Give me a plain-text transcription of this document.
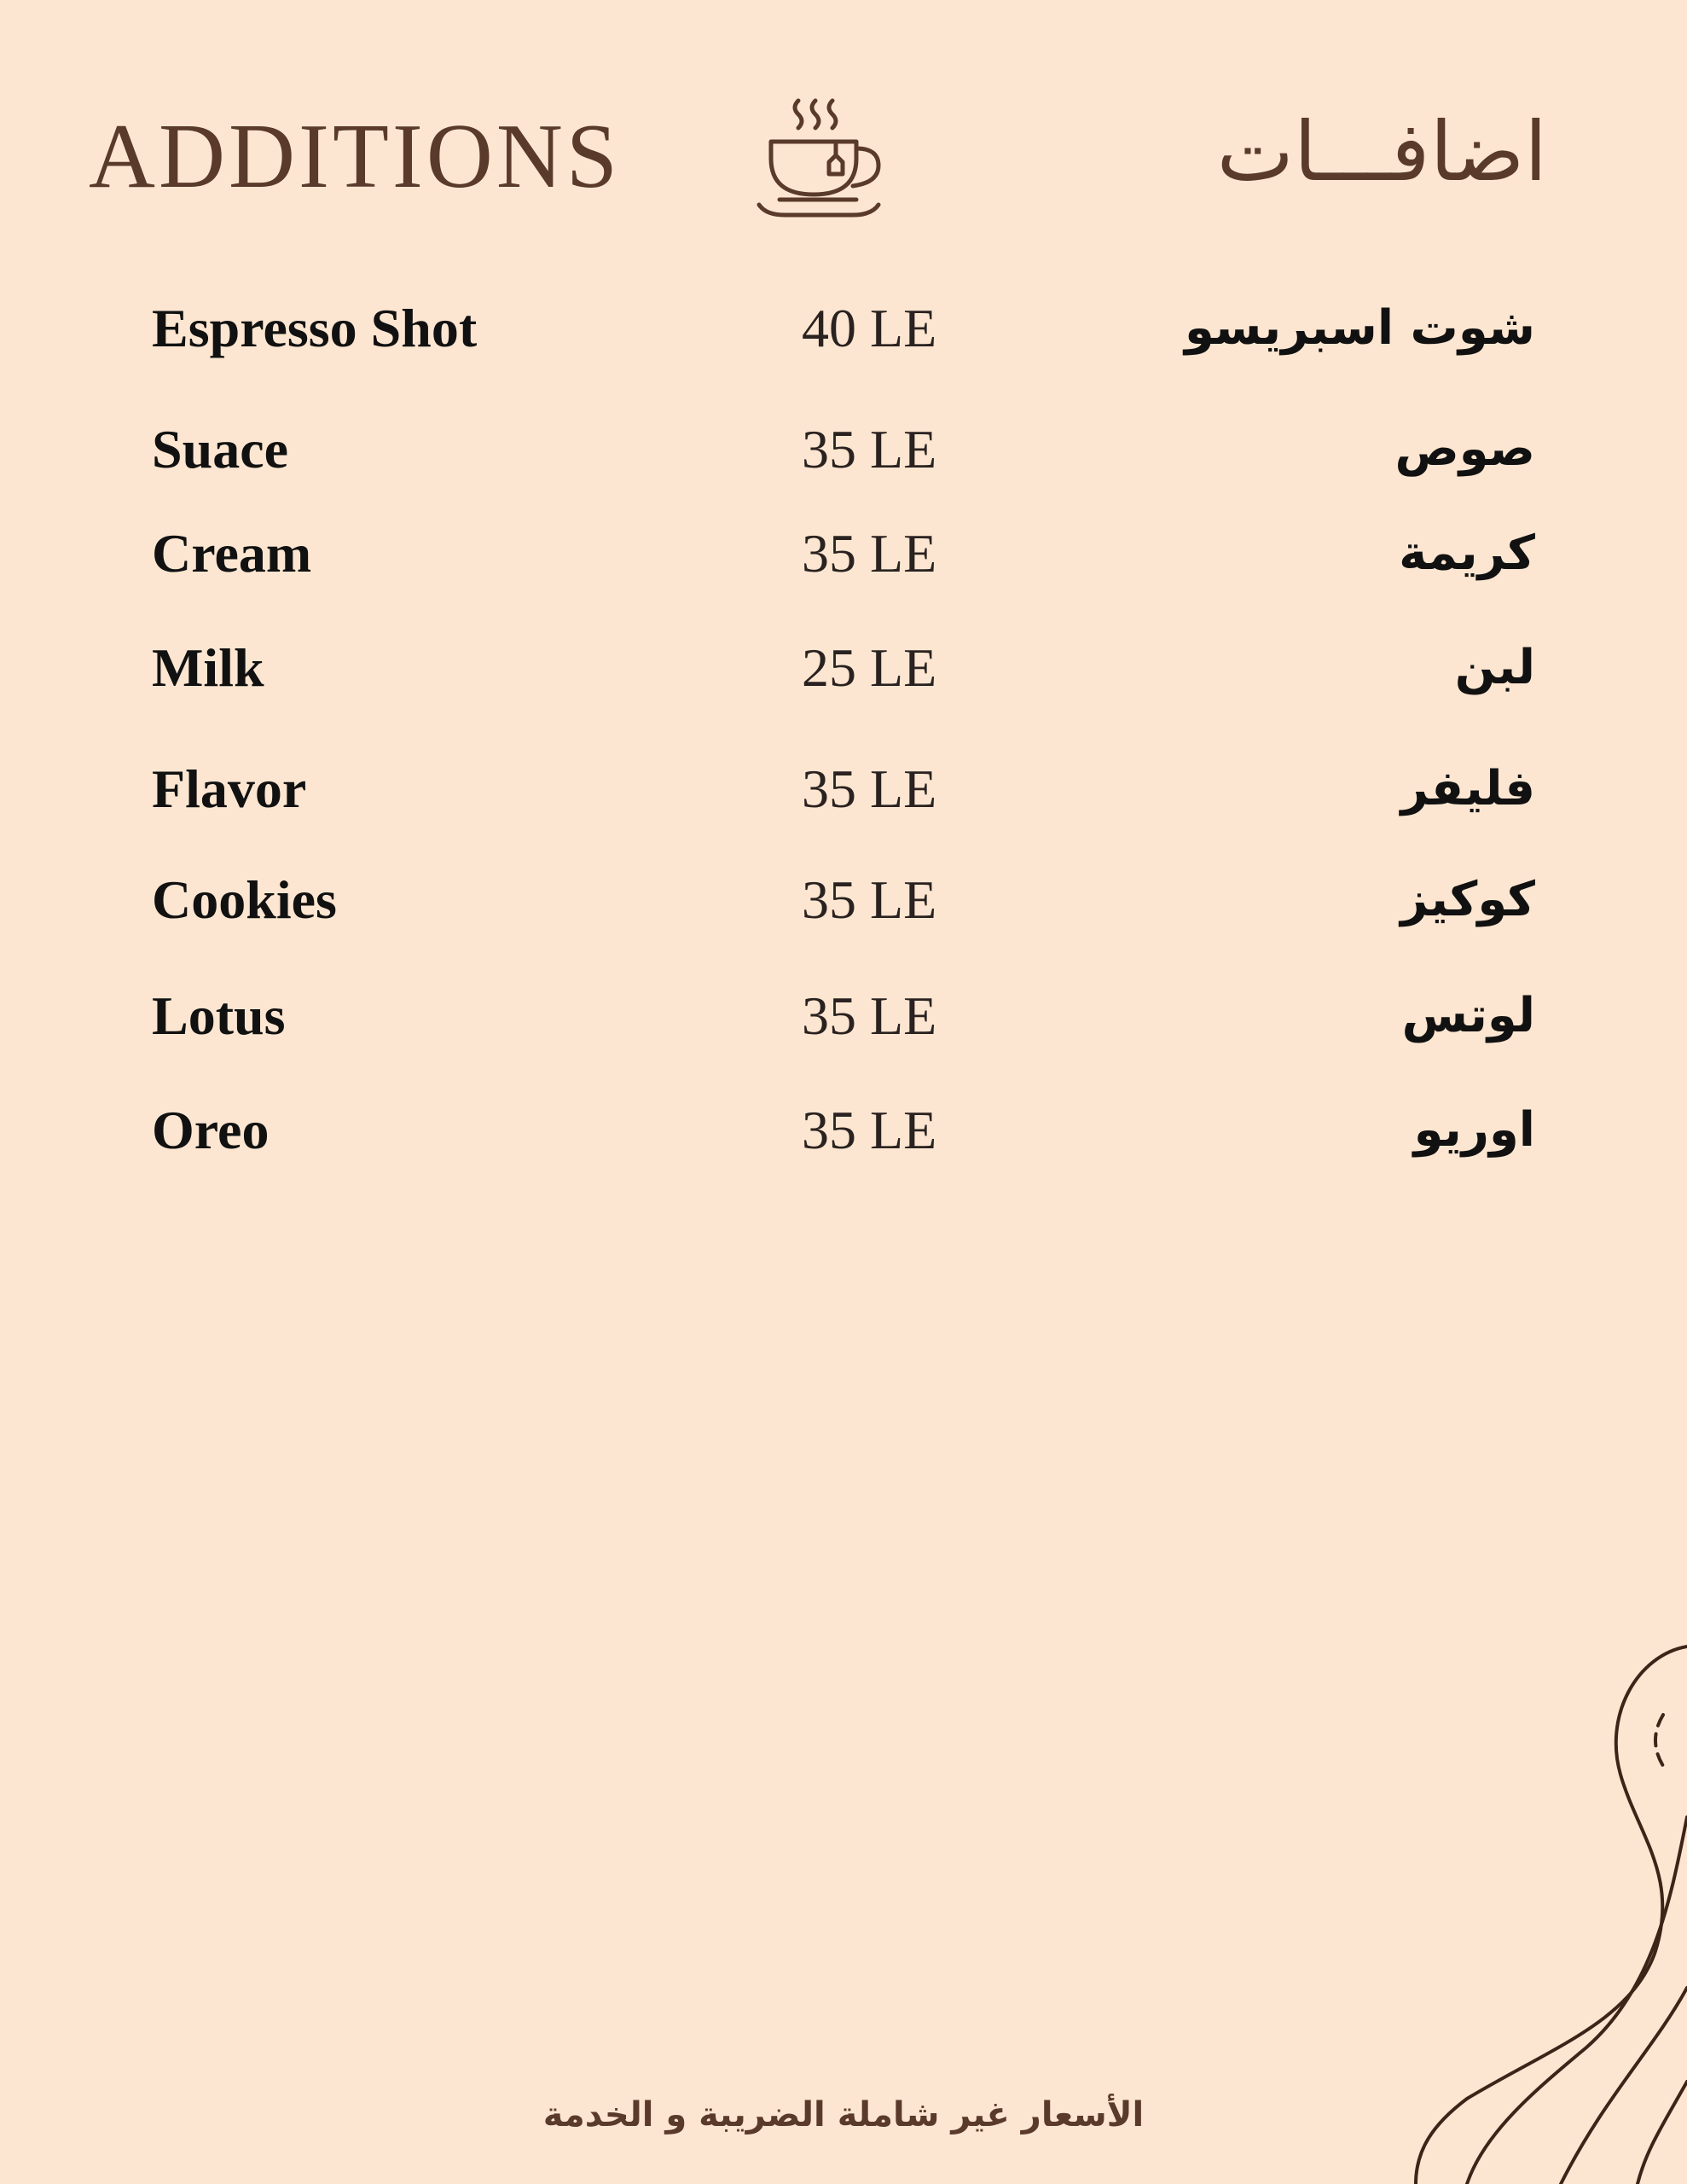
ADDITIONS	اضافـــات
Espresso Shot	40 LE	شوت اسبريسو
Suace	35 LE	صوص
Cream	35 LE	كريمة
Milk	25 LE	لبن
Flavor	35 LE	فليفر
Cookies	35 LE	كوكيز
Lotus	35 LE	لوتس
Oreo	35 LE	اوريو
الأسعار غير شاملة الضريبة و الخدمة
